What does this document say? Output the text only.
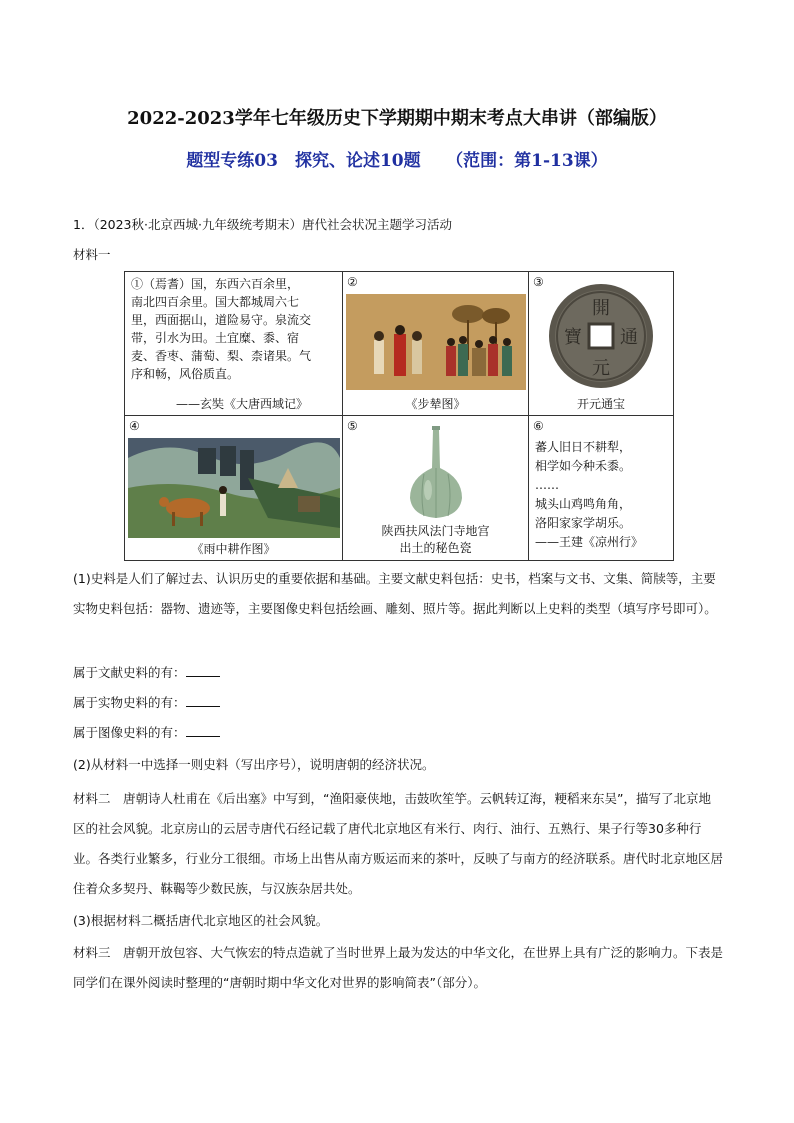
2022-2023学年七年级历史下学期期中期末考点大串讲（部编版）
题型专练03　探究、论述10题　　（范围：第1-13课）
1．（2023秋·北京西城·九年级统考期末）唐代社会状况主题学习活动
材料一
①（焉耆）国，东西六百余里，
南北四百余里。国大都城周六七
里，西面据山，道险易守。泉流交
带，引水为田。土宜糜、黍、宿
麦、香枣、蒲萄、梨、柰诸果。气
序和畅，风俗质直。
——玄奘《大唐西域记》
②
《步辇图》
③
開
元
通
寶
开元通宝
④
《雨中耕作图》
⑤
陕西扶风法门寺地宫
出土的秘色瓷
⑥
蕃人旧日不耕犁，
相学如今种禾黍。
……
城头山鸡鸣角角，
洛阳家家学胡乐。
——王建《凉州行》
(1)史料是人们了解过去、认识历史的重要依据和基础。主要文献史料包括：史书，档案与文书、文集、简牍等，主要实物史料包括：器物、遗迹等，主要图像史料包括绘画、雕刻、照片等。据此判断以上史料的类型（填写序号即可）。
属于文献史料的有：
属于实物史料的有：
属于图像史料的有：
(2)从材料一中选择一则史料（写出序号），说明唐朝的经济状况。
材料二　唐朝诗人杜甫在《后出塞》中写到，“渔阳豪侠地，击鼓吹笙竽。云帆转辽海，粳稻来东吴”，描写了北京地区的社会风貌。北京房山的云居寺唐代石经记载了唐代北京地区有米行、肉行、油行、五熟行、果子行等30多种行业。各类行业繁多，行业分工很细。市场上出售从南方贩运而来的茶叶，反映了与南方的经济联系。唐代时北京地区居住着众多契丹、靺鞨等少数民族，与汉族杂居共处。
(3)根据材料二概括唐代北京地区的社会风貌。
材料三　唐朝开放包容、大气恢宏的特点造就了当时世界上最为发达的中华文化，在世界上具有广泛的影响力。下表是同学们在课外阅读时整理的“唐朝时期中华文化对世界的影响简表”（部分）。
